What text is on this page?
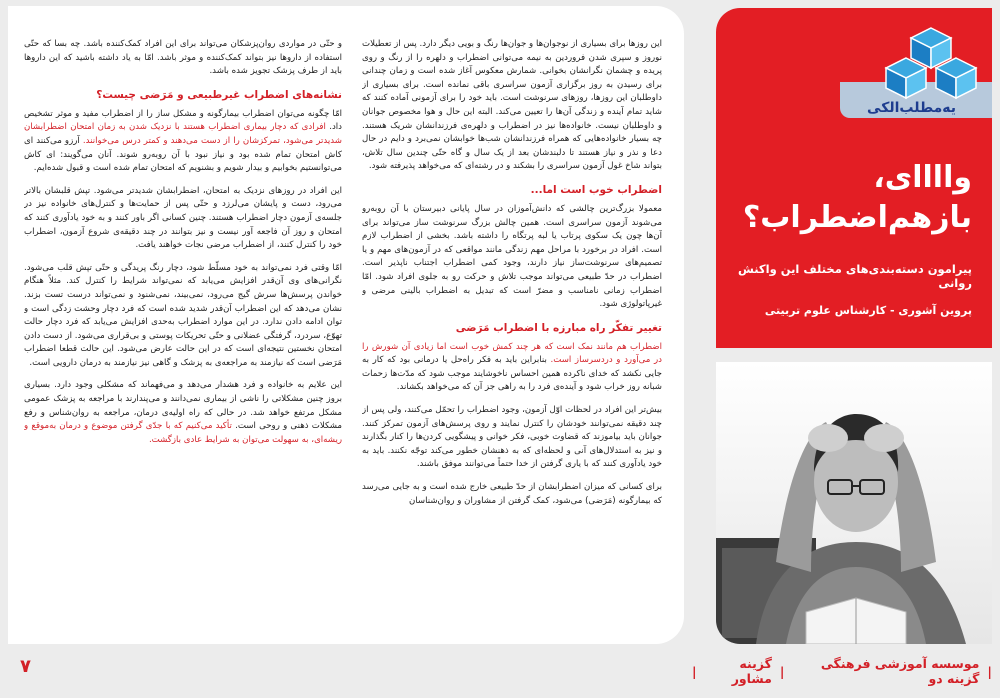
این روزها برای بسیاری از نوجوان‌ها و جوان‌ها رنگ و بویی دیگر دارد. پس از تعطیلات نوروز و سپری شدن فروردین به نیمه می‌توانی اضطراب و دلهره را از رنگ و روی پریده و چشمان نگرانشان بخوانی. شمارش معکوس آغاز شده است و زمان چندانی برای رسیدن به روز برگزاری آزمون سراسری باقی نمانده است. برای بسیاری از داوطلبان این روزها، روزهای سرنوشت است. باید خود را برای آزمونی آماده کنند که شاید تمام آینده و زندگی آن‌ها را تعیین می‌کند. البته این حال و هوا مخصوص جوانان و داوطلبان نیست. خانواده‌ها نیز در اضطراب و دلهره‌ی فرزندانشان شریک هستند. چه بسیار خانواده‌هایی که همراه فرزندانشان شب‌ها خوابشان نمی‌برد و دایم در حال دعا و نذر و نیاز هستند تا دلبندشان بعد از یک سال و گاه حتّی چندین سال تلاش، بتواند شاخ غول آزمون سراسری را بشکند و در رشته‌ای که می‌خواهد پذیرفته شود.

اضطراب خوب است اما...

معمولا بزرگ‌ترین چالشی که دانش‌آموزان در سال پایانی دبیرستان با آن روبه‌رو می‌شوند آزمون سراسری است. همین چالش بزرگ سرنوشت ساز می‌تواند برای آن‌ها چون یک سکوی پرتاب یا لبه پرتگاه را داشته باشد. بخشی از اضطراب لازم است. افراد در برخورد با مراحل مهم زندگی مانند مواقعی که در آزمون‌های مهم و یا تصمیم‌های سرنوشت‌ساز نیاز دارند، وجود کمی اضطراب اجتناب ناپذیر است. اضطراب در حدّ طبیعی می‌تواند موجب تلاش و حرکت رو به جلوی افراد شود. امّا اضطراب زمانی نامناسب و مضرّ است که تبدیل به اضطراب بالینی مرضی و غیرپاتولوژی شود.

تغییر تفکّر راه مبارزه با اضطراب مَرَضی

اضطراب هم مانند نمک است که هر چند کمش خوب است اما زیادی آن شورش را در می‌آورد و دردسرساز است. بنابراین باید به فکر راه‌حل یا درمانی بود که کار به جایی نکشد که خدای ناکرده همین احساس ناخوشایند موجب شود که مدّت‌ها زحمات شبانه روز خراب شود و آینده‌ی فرد را به راهی جز آن که می‌خواهد بکشاند.

بیش‌تر این افراد در لحظات اوّل آزمون، وجود اضطراب را تحمّل می‌کنند، ولی پس از چند دقیقه نمی‌توانند خودشان را کنترل نمایند و روی پرسش‌های آزمون تمرکز کنند. جوانان باید بیاموزند که قضاوت خوبی، فکر خوانی و پیشگویی کردن‌ها را کنار بگذارند و نیز به استدلال‌های آنی و لحظه‌ای که به ذهنشان خطور می‌کند توجّه نکنند. باید به خود یادآوری کنند که با یاری گرفتن از خدا حتماً می‌توانند موفق باشند.

برای کسانی که میزان اضطرابشان از حدّ طبیعی خارج شده است و به جایی می‌رسد که بیمارگونه (مَرَضی) می‌شود، کمک گرفتن از مشاوران و روان‌شناسان

و حتّی در مواردی روان‌پزشکان می‌تواند برای این افراد کمک‌کننده باشد. چه بسا که حتّی استفاده از داروها نیز بتواند کمک‌کننده و موثر باشد. امّا به یاد داشته باشید که این داروها باید از طرف پزشک تجویز شده باشد.

نشانه‌های اضطراب غیرطبیعی و مَرَضی چیست؟

امّا چگونه می‌توان اضطراب بیمارگونه و مشکل ساز را از اضطراب مفید و موثر تشخیص داد. افرادی که دچار بیماری اضطراب هستند با نزدیک شدن به زمان امتحان اضطرابشان شدیدتر می‌شود، تمرکزشان را از دست می‌دهند و کمتر درس می‌خوانند. آرزو می‌کنند ای کاش امتحان تمام شده بود و نیاز نبود با آن روبه‌رو شوند. آنان می‌گویند: ای کاش می‌توانستیم بخوابیم و بیدار شویم و بشنویم که امتحان تمام شده است و قبول شده‌ایم.

این افراد در روزهای نزدیک به امتحان، اضطرابشان شدیدتر می‌شود. تپش قلبشان بالاتر می‌رود، دست و پایشان می‌لرزد و حتّی پس از حمایت‌ها و کنترل‌های خانواده نیز در جلسه‌ی آزمون دچار اضطراب هستند. چنین کسانی اگر باور کنند و به خود یادآوری کنند که امتحان و روز آن فاجعه آور نیست و نیز بتوانند در چند دقیقه‌ی شروع آزمون، اضطراب خود را کنترل کنند، از اضطراب مرضی نجات خواهند یافت.

امّا وقتی فرد نمی‌تواند به خود مسلّط شود، دچار رنگ پریدگی و حتّی تپش قلب می‌شود. نگرانی‌های وی آن‌قدر افزایش می‌یابد که نمی‌تواند شرایط را کنترل کند. مثلاً هنگام خواندن پرسش‌ها سرش گیج می‌رود، نمی‌بیند، نمی‌شنود و نمی‌تواند درست تست بزند. نشان می‌دهد که این اضطراب آن‌قدر شدید شده است که فرد دچار وحشت زدگی است و توان ادامه دادن ندارد. در این موارد اضطراب به‌حدی افزایش می‌یابد که فرد دچار حالت تهوّع، سردرد، گرفتگی عضلانی و حتّی تحریکات پوستی و بی‌قراری می‌شود. از دست دادن امتحان نخستین نتیجه‌ای است که در این حالت عارض می‌شود. این حالت قطعا اضطراب مَرَضی است که نیازمند به مراجعه‌ی به پزشک و گاهی نیز نیازمند به درمان دارویی است.

این علایم به خانواده و فرد هشدار می‌دهد و می‌فهماند که مشکلی وجود دارد. بسیاری بروز چنین مشکلاتی را ناشی از بیماری نمی‌دانند و می‌پندارند با مراجعه به پزشک عمومی مشکل مرتفع خواهد شد. در حالی که راه اولیه‌ی درمان، مراجعه به روان‌شناس و رفع مشکلات ذهنی و روحی است. تأکید می‌کنیم که با جدّی گرفتن موضوع و درمان به‌موقع و ریشه‌ای، به سهولت می‌توان به شرایط عادی بازگشت.

یه‌مطلب‌الکی
واااای،
بازهم‌اضطراب؟
پیرامون دسته‌بندی‌های مختلف این واکنش روانی
پروین آشوری - کارشناس علوم تربیتی
۷	|
موسسه آموزشی فرهنگی گزینه دو
|
گزینه مشاور
|
